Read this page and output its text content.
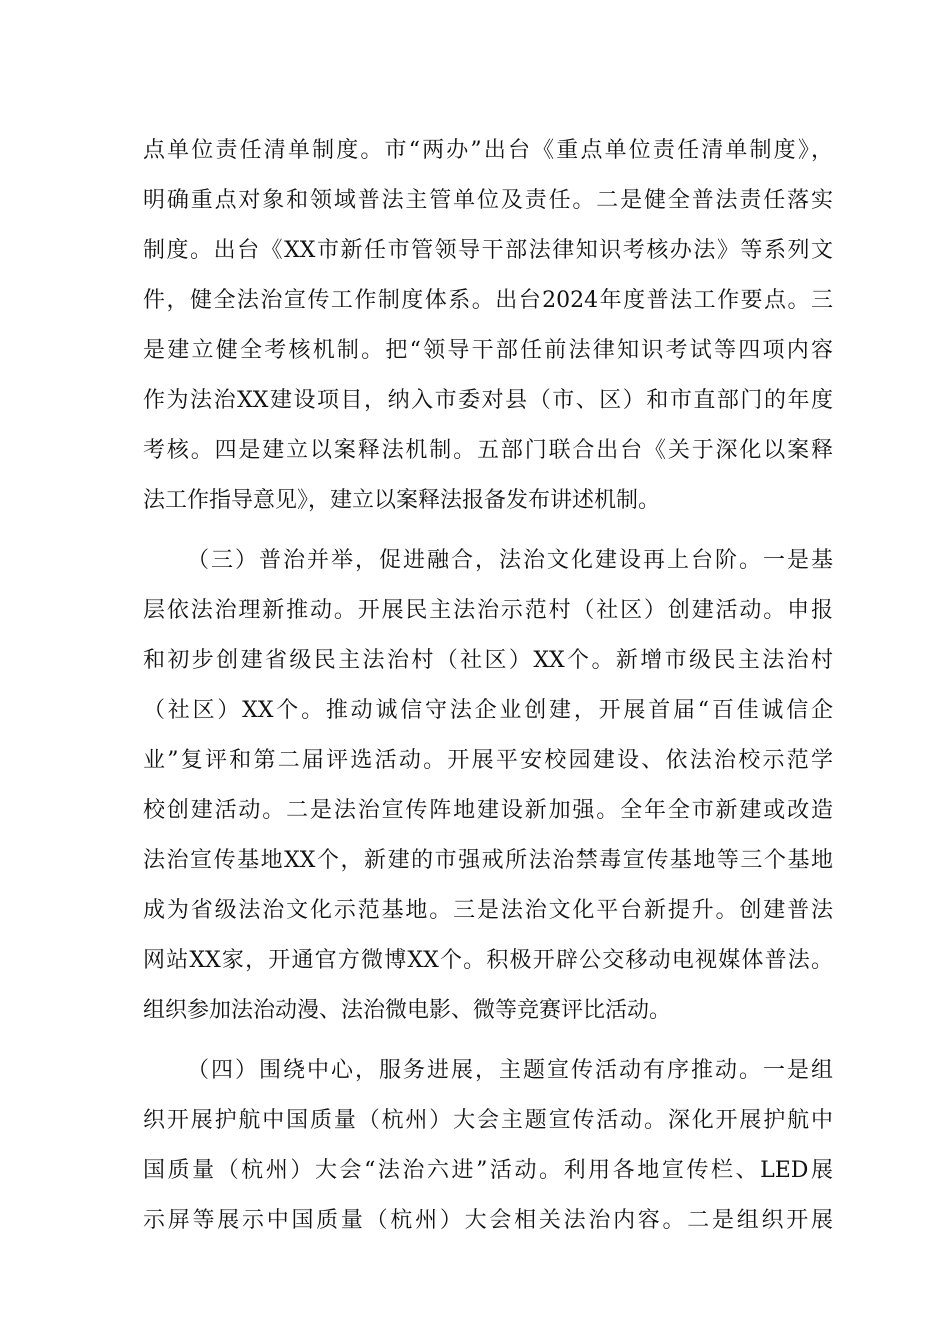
点单位责任清单制度。市“两办”出台《重点单位责任清单制度》，
明确重点对象和领域普法主管单位及责任。二是健全普法责任落实
制度。出台《XX市新任市管领导干部法律知识考核办法》等系列文
件，健全法治宣传工作制度体系。出台2024年度普法工作要点。三
是建立健全考核机制。把“领导干部任前法律知识考试等四项内容
作为法治XX建设项目，纳入市委对县（市、区）和市直部门的年度
考核。四是建立以案释法机制。五部门联合出台《关于深化以案释
法工作指导意见》，建立以案释法报备发布讲述机制。
（三）普治并举，促进融合，法治文化建设再上台阶。一是基
层依法治理新推动。开展民主法治示范村（社区）创建活动。申报
和初步创建省级民主法治村（社区）XX个。新增市级民主法治村
（社区）XX个。推动诚信守法企业创建，开展首届“百佳诚信企
业”复评和第二届评选活动。开展平安校园建设、依法治校示范学
校创建活动。二是法治宣传阵地建设新加强。全年全市新建或改造
法治宣传基地XX个，新建的市强戒所法治禁毒宣传基地等三个基地
成为省级法治文化示范基地。三是法治文化平台新提升。创建普法
网站XX家，开通官方微博XX个。积极开辟公交移动电视媒体普法。
组织参加法治动漫、法治微电影、微等竞赛评比活动。
（四）围绕中心，服务进展，主题宣传活动有序推动。一是组
织开展护航中国质量（杭州）大会主题宣传活动。深化开展护航中
国质量（杭州）大会“法治六进”活动。利用各地宣传栏、LED展
示屏等展示中国质量（杭州）大会相关法治内容。二是组织开展
